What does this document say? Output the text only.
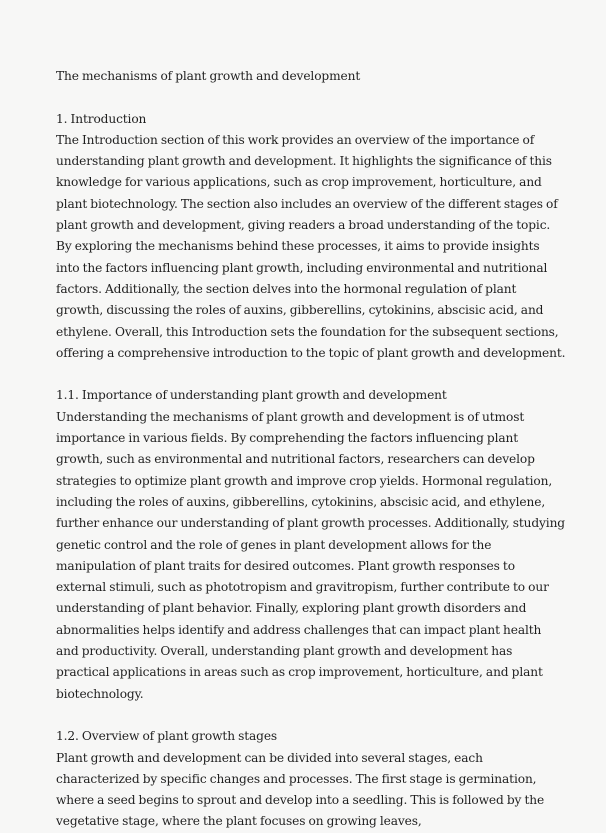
The mechanisms of plant growth and development

1. Introduction
The Introduction section of this work provides an overview of the importance of understanding plant growth and development. It highlights the significance of this knowledge for various applications, such as crop improvement, horticulture, and plant biotechnology. The section also includes an overview of the different stages of plant growth and development, giving readers a broad understanding of the topic. By exploring the mechanisms behind these processes, it aims to provide insights into the factors influencing plant growth, including environmental and nutritional factors. Additionally, the section delves into the hormonal regulation of plant growth, discussing the roles of auxins, gibberellins, cytokinins, abscisic acid, and ethylene. Overall, this Introduction sets the foundation for the subsequent sections, offering a comprehensive introduction to the topic of plant growth and development.
1.1. Importance of understanding plant growth and development
Understanding the mechanisms of plant growth and development is of utmost importance in various fields. By comprehending the factors influencing plant growth, such as environmental and nutritional factors, researchers can develop strategies to optimize plant growth and improve crop yields. Hormonal regulation, including the roles of auxins, gibberellins, cytokinins, abscisic acid, and ethylene, further enhance our understanding of plant growth processes. Additionally, studying genetic control and the role of genes in plant development allows for the manipulation of plant traits for desired outcomes. Plant growth responses to external stimuli, such as phototropism and gravitropism, further contribute to our understanding of plant behavior. Finally, exploring plant growth disorders and abnormalities helps identify and address challenges that can impact plant health and productivity. Overall, understanding plant growth and development has practical applications in areas such as crop improvement, horticulture, and plant biotechnology.
1.2. Overview of plant growth stages
Plant growth and development can be divided into several stages, each characterized by specific changes and processes. The first stage is germination, where a seed begins to sprout and develop into a seedling. This is followed by the vegetative stage, where the plant focuses on growing leaves,
